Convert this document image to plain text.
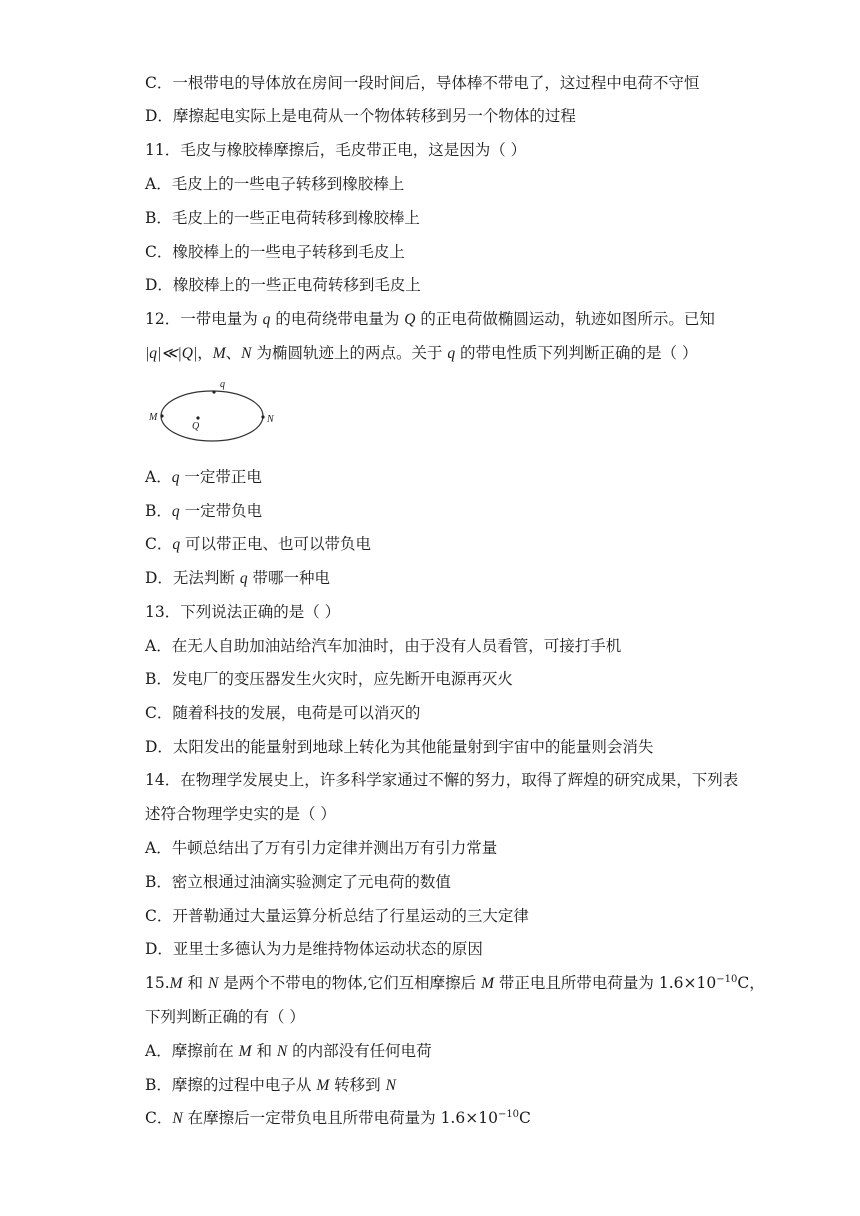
C．一根带电的导体放在房间一段时间后，导体棒不带电了，这过程中电荷不守恒
D．摩擦起电实际上是电荷从一个物体转移到另一个物体的过程
11．毛皮与橡胶棒摩擦后，毛皮带正电，这是因为（ ）
A．毛皮上的一些电子转移到橡胶棒上
B．毛皮上的一些正电荷转移到橡胶棒上
C．橡胶棒上的一些电子转移到毛皮上
D．橡胶棒上的一些正电荷转移到毛皮上
12．一带电量为 q 的电荷绕带电量为 Q 的正电荷做椭圆运动，轨迹如图所示。已知
|q|≪|Q|，M、N 为椭圆轨迹上的两点。关于 q 的带电性质下列判断正确的是（ ）
q
M
Q
N
A．q 一定带正电
B．q 一定带负电
C．q 可以带正电、也可以带负电
D．无法判断 q 带哪一种电
13．下列说法正确的是（ ）
A．在无人自助加油站给汽车加油时，由于没有人员看管，可接打手机
B．发电厂的变压器发生火灾时，应先断开电源再灭火
C．随着科技的发展，电荷是可以消灭的
D．太阳发出的能量射到地球上转化为其他能量射到宇宙中的能量则会消失
14．在物理学发展史上，许多科学家通过不懈的努力，取得了辉煌的研究成果，下列表
述符合物理学史实的是（ ）
A．牛顿总结出了万有引力定律并测出万有引力常量
B．密立根通过油滴实验测定了元电荷的数值
C．开普勒通过大量运算分析总结了行星运动的三大定律
D．亚里士多德认为力是维持物体运动状态的原因
15.M 和 N 是两个不带电的物体,它们互相摩擦后 M 带正电且所带电荷量为 $1.6\times 10^{-10}C$，
下列判断正确的有（ ）
A．摩擦前在 M 和 N 的内部没有任何电荷
B．摩擦的过程中电子从 M 转移到 N
C．N 在摩擦后一定带负电且所带电荷量为 $1.6\times 10^{-10}C$
